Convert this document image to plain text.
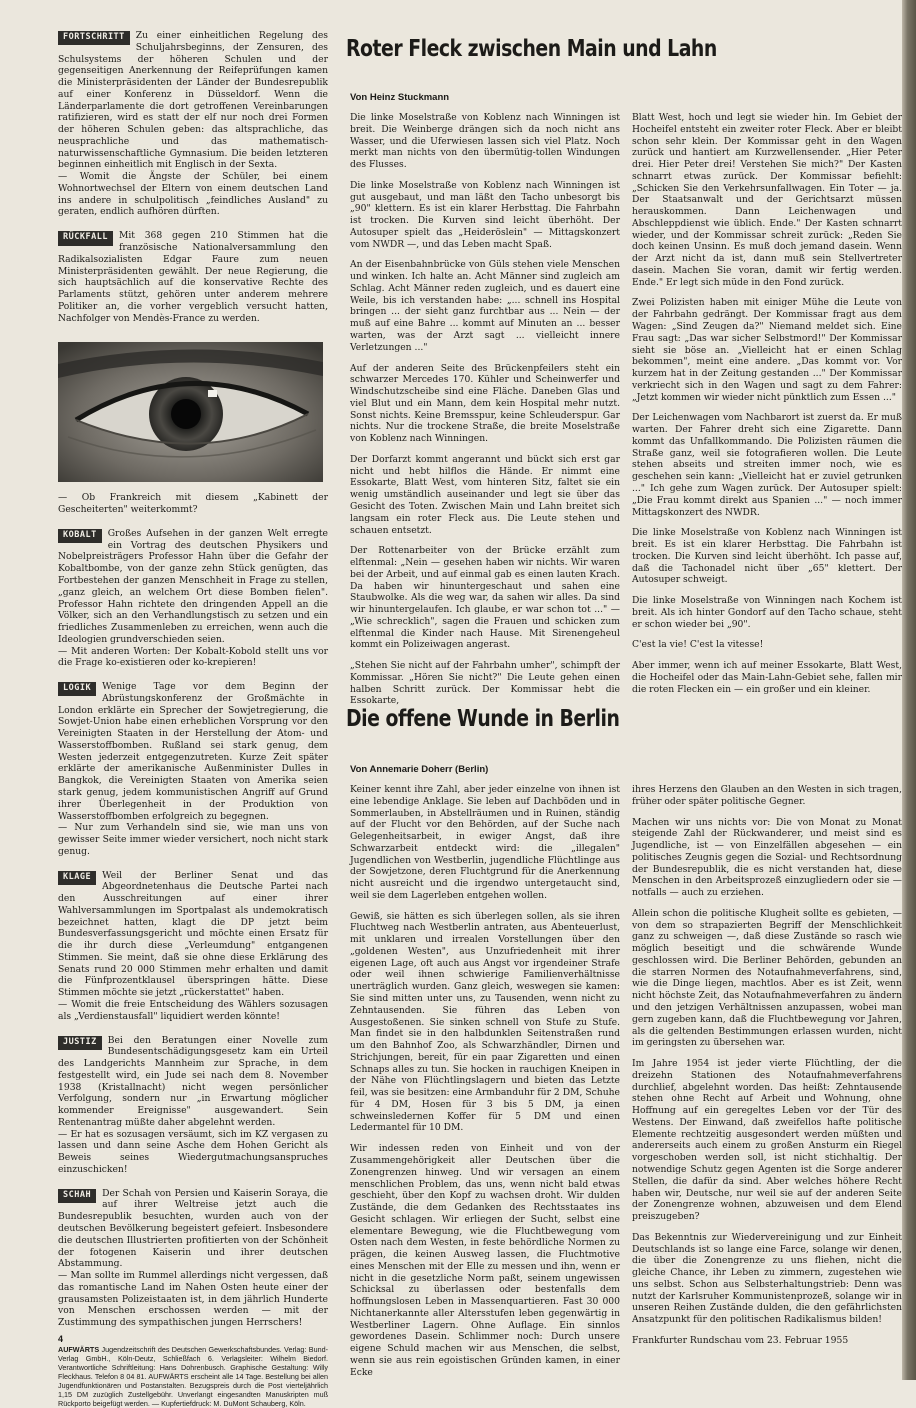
FORTSCHRITT	Zu einer einheitlichen Regelung des Schuljahrsbeginns, der Zensuren, des Schulsystems der höheren Schulen und der gegenseitigen Anerkennung der Reifeprüfungen kamen die Ministerpräsidenten der Länder der Bundesrepublik auf einer Konferenz in Düsseldorf. Wenn die Länderparlamente die dort getroffenen Vereinbarungen ratifizieren, wird es statt der elf nur noch drei Formen der höheren Schulen geben: das altsprachliche, das neusprachliche und das mathematisch-naturwissenschaftliche Gymnasium. Die beiden letzteren beginnen einheitlich mit Englisch in der Sexta.

— Womit die Ängste der Schüler, bei einem Wohnortwechsel der Eltern von einem deutschen Land ins andere in schulpolitisch „feindliches Ausland" zu geraten, endlich aufhören dürften.

RÜCKFALL	Mit 368 gegen 210 Stimmen hat die französische Nationalversammlung den Radikalsozialisten Edgar Faure zum neuen Ministerpräsidenten gewählt. Der neue Regierung, die sich hauptsächlich auf die konservative Rechte des Parlaments stützt, gehören unter anderem mehrere Politiker an, die vorher vergeblich versucht hatten, Nachfolger von Mendès-France zu werden.

— Ob Frankreich mit diesem „Kabinett der Gescheiterten" weiterkommt?

KOBALT	Großes Aufsehen in der ganzen Welt erregte ein Vortrag des deutschen Physikers und Nobelpreisträgers Professor Hahn über die Gefahr der Kobaltbombe, von der ganze zehn Stück genügten, das Fortbestehen der ganzen Menschheit in Frage zu stellen, „ganz gleich, an welchem Ort diese Bomben fielen". Professor Hahn richtete den dringenden Appell an die Völker, sich an den Verhandlungstisch zu setzen und ein friedliches Zusammenleben zu erreichen, wenn auch die Ideologien grundverschieden seien.

— Mit anderen Worten: Der Kobalt-Kobold stellt uns vor die Frage ko-existieren oder ko-krepieren!

LOGIK	Wenige Tage vor dem Beginn der Abrüstungskonferenz der Großmächte in London erklärte ein Sprecher der Sowjetregierung, die Sowjet-Union habe einen erheblichen Vorsprung vor den Vereinigten Staaten in der Herstellung der Atom- und Wasserstoffbomben. Rußland sei stark genug, dem Westen jederzeit entgegenzutreten. Kurze Zeit später erklärte der amerikanische Außenminister Dulles in Bangkok, die Vereinigten Staaten von Amerika seien stark genug, jedem kommunistischen Angriff auf Grund ihrer Überlegenheit in der Produktion von Wasserstoffbomben erfolgreich zu begegnen.

— Nur zum Verhandeln sind sie, wie man uns von gewisser Seite immer wieder versichert, noch nicht stark genug.

KLAGE	Weil der Berliner Senat und das Abgeordnetenhaus die Deutsche Partei nach den Ausschreitungen auf einer ihrer Wahlversammlungen im Sportpalast als undemokratisch bezeichnet hatten, klagt die DP jetzt beim Bundesverfassungsgericht und möchte einen Ersatz für die ihr durch diese „Verleumdung" entgangenen Stimmen. Sie meint, daß sie ohne diese Erklärung des Senats rund 20 000 Stimmen mehr erhalten und damit die Fünfprozentklausel überspringen hätte. Diese Stimmen möchte sie jetzt „rückerstattet" haben.

— Womit die freie Entscheidung des Wählers sozusagen als „Verdienstausfall" liquidiert werden könnte!

JUSTIZ	Bei den Beratungen einer Novelle zum Bundesentschädigungsgesetz kam ein Urteil des Landgerichts Mannheim zur Sprache, in dem festgestellt wird, ein Jude sei nach dem 8. November 1938 (Kristallnacht) nicht wegen persönlicher Verfolgung, sondern nur „in Erwartung möglicher kommender Ereignisse" ausgewandert. Sein Rentenantrag müßte daher abgelehnt werden.

— Er hat es sozusagen versäumt, sich im KZ vergasen zu lassen und dann seine Asche dem Hohen Gericht als Beweis seines Wiedergutmachungsanspruches einzuschicken!

SCHAH	Der Schah von Persien und Kaiserin Soraya, die auf ihrer Weltreise jetzt auch die Bundesrepublik besuchten, wurden auch von der deutschen Bevölkerung begeistert gefeiert. Insbesondere die deutschen Illustrierten profitierten von der Schönheit der fotogenen Kaiserin und ihrer deutschen Abstammung.

— Man sollte im Rummel allerdings nicht vergessen, daß das romantische Land im Nahen Osten heute einer der grausamsten Polizeistaaten ist, in dem jährlich Hunderte von Menschen erschossen werden — mit der Zustimmung des sympathischen jungen Herrschers!

AUFWÄRTS Jugendzeitschrift des Deutschen Gewerkschaftsbundes. Verlag: Bund-Verlag GmbH., Köln-Deutz, Schließfach 6. Verlagsleiter: Wilhelm Biedorf. Verantwortliche Schriftleitung: Hans Dohrenbusch. Graphische Gestaltung: Willy Fleckhaus. Telefon 8 04 81. AUFWÄRTS erscheint alle 14 Tage. Bestellung bei allen Jugendfunktionären und Postanstalten. Bezugspreis durch die Post vierteljährlich 1,15 DM zuzüglich Zustellgebühr. Unverlangt eingesandten Manuskripten muß Rückporto beigefügt werden. — Kupfertiefdruck: M. DuMont Schauberg, Köln.
4
Roter Fleck zwischen Main und Lahn
Von Heinz Stuckmann

Die linke Moselstraße von Koblenz nach Winningen ist breit. Die Weinberge drängen sich da noch nicht ans Wasser, und die Uferwiesen lassen sich viel Platz. Noch merkt man nichts von den übermütig-tollen Windungen des Flusses.

Die linke Moselstraße von Koblenz nach Winningen ist gut ausgebaut, und man läßt den Tacho unbesorgt bis „90" klettern. Es ist ein klarer Herbsttag. Die Fahrbahn ist trocken. Die Kurven sind leicht überhöht. Der Autosuper spielt das „Heideröslein" — Mittagskonzert vom NWDR —, und das Leben macht Spaß.

An der Eisenbahnbrücke von Güls stehen viele Menschen und winken. Ich halte an. Acht Männer sind zugleich am Schlag. Acht Männer reden zugleich, und es dauert eine Weile, bis ich verstanden habe: „... schnell ins Hospital bringen ... der sieht ganz furchtbar aus ... Nein — der muß auf eine Bahre ... kommt auf Minuten an ... besser warten, was der Arzt sagt ... vielleicht innere Verletzungen ..."

Auf der anderen Seite des Brückenpfeilers steht ein schwarzer Mercedes 170. Kühler und Scheinwerfer und Windschutzscheibe sind eine Fläche. Daneben Glas und viel Blut und ein Mann, dem kein Hospital mehr nutzt. Sonst nichts. Keine Bremsspur, keine Schleuderspur. Gar nichts. Nur die trockene Straße, die breite Moselstraße von Koblenz nach Winningen.

Der Dorfarzt kommt angerannt und bückt sich erst gar nicht und hebt hilflos die Hände. Er nimmt eine Essokarte, Blatt West, vom hinteren Sitz, faltet sie ein wenig umständlich auseinander und legt sie über das Gesicht des Toten. Zwischen Main und Lahn breitet sich langsam ein roter Fleck aus. Die Leute stehen und schauen entsetzt.

Der Rottenarbeiter von der Brücke erzählt zum elftenmal: „Nein — gesehen haben wir nichts. Wir waren bei der Arbeit, und auf einmal gab es einen lauten Krach. Da haben wir hinuntergeschaut und sahen eine Staubwolke. Als die weg war, da sahen wir alles. Da sind wir hinuntergelaufen. Ich glaube, er war schon tot ..." — „Wie schrecklich", sagen die Frauen und schicken zum elftenmal die Kinder nach Hause. Mit Sirenengeheul kommt ein Polizeiwagen angerast.

„Stehen Sie nicht auf der Fahrbahn umher", schimpft der Kommissar. „Hören Sie nicht?" Die Leute gehen einen halben Schritt zurück. Der Kommissar hebt die Essokarte,

Blatt West, hoch und legt sie wieder hin. Im Gebiet der Hocheifel entsteht ein zweiter roter Fleck. Aber er bleibt schon sehr klein. Der Kommissar geht in den Wagen zurück und hantiert am Kurzwellensender. „Hier Peter drei. Hier Peter drei! Verstehen Sie mich?" Der Kasten schnarrt etwas zurück. Der Kommissar befiehlt: „Schicken Sie den Verkehrsunfallwagen. Ein Toter — ja. Der Staatsanwalt und der Gerichtsarzt müssen herauskommen. Dann Leichenwagen und Abschleppdienst wie üblich. Ende." Der Kasten schnarrt wieder, und der Kommissar schreit zurück: „Reden Sie doch keinen Unsinn. Es muß doch jemand dasein. Wenn der Arzt nicht da ist, dann muß sein Stellvertreter dasein. Machen Sie voran, damit wir fertig werden. Ende." Er legt sich müde in den Fond zurück.

Zwei Polizisten haben mit einiger Mühe die Leute von der Fahrbahn gedrängt. Der Kommissar fragt aus dem Wagen: „Sind Zeugen da?" Niemand meldet sich. Eine Frau sagt: „Das war sicher Selbstmord!" Der Kommissar sieht sie böse an. „Vielleicht hat er einen Schlag bekommen", meint eine andere. „Das kommt vor. Vor kurzem hat in der Zeitung gestanden ..." Der Kommissar verkriecht sich in den Wagen und sagt zu dem Fahrer: „Jetzt kommen wir wieder nicht pünktlich zum Essen ..."

Der Leichenwagen vom Nachbarort ist zuerst da. Er muß warten. Der Fahrer dreht sich eine Zigarette. Dann kommt das Unfallkommando. Die Polizisten räumen die Straße ganz, weil sie fotografieren wollen. Die Leute stehen abseits und streiten immer noch, wie es geschehen sein kann: „Vielleicht hat er zuviel getrunken ..." Ich gehe zum Wagen zurück. Der Autosuper spielt: „Die Frau kommt direkt aus Spanien ..." — noch immer Mittagskonzert des NWDR.

Die linke Moselstraße von Koblenz nach Winningen ist breit. Es ist ein klarer Herbsttag. Die Fahrbahn ist trocken. Die Kurven sind leicht überhöht. Ich passe auf, daß die Tachonadel nicht über „65" klettert. Der Autosuper schweigt.

Die linke Moselstraße von Winningen nach Kochem ist breit. Als ich hinter Gondorf auf den Tacho schaue, steht er schon wieder bei „90".

C'est la vie! C'est la vitesse!

Aber immer, wenn ich auf meiner Essokarte, Blatt West, die Hocheifel oder das Main-Lahn-Gebiet sehe, fallen mir die roten Flecken ein — ein großer und ein kleiner.

Die offene Wunde in Berlin
Von Annemarie Doherr (Berlin)

Keiner kennt ihre Zahl, aber jeder einzelne von ihnen ist eine lebendige Anklage. Sie leben auf Dachböden und in Sommerlauben, in Abstellräumen und in Ruinen, ständig auf der Flucht vor den Behörden, auf der Suche nach Gelegenheitsarbeit, in ewiger Angst, daß ihre Schwarzarbeit entdeckt wird: die „illegalen" Jugendlichen von Westberlin, jugendliche Flüchtlinge aus der Sowjetzone, deren Fluchtgrund für die Anerkennung nicht ausreicht und die irgendwo untergetaucht sind, weil sie dem Lagerleben entgehen wollen.

Gewiß, sie hätten es sich überlegen sollen, als sie ihren Fluchtweg nach Westberlin antraten, aus Abenteuerlust, mit unklaren und irrealen Vorstellungen über den „goldenen Westen", aus Unzufriedenheit mit ihrer eigenen Lage, oft auch aus Angst vor irgendeiner Strafe oder weil ihnen schwierige Familienverhältnisse unerträglich wurden. Ganz gleich, weswegen sie kamen: Sie sind mitten unter uns, zu Tausenden, wenn nicht zu Zehntausenden. Sie führen das Leben von Ausgestoßenen. Sie sinken schnell von Stufe zu Stufe. Man findet sie in den halbdunklen Seitenstraßen rund um den Bahnhof Zoo, als Schwarzhändler, Dirnen und Strichjungen, bereit, für ein paar Zigaretten und einen Schnaps alles zu tun. Sie hocken in rauchigen Kneipen in der Nähe von Flüchtlingslagern und bieten das Letzte feil, was sie besitzen: eine Armbanduhr für 2 DM, Schuhe für 4 DM, Hosen für 3 bis 5 DM, ja einen schweinsledernen Koffer für 5 DM und einen Ledermantel für 10 DM.

Wir indessen reden von Einheit und von der Zusammengehörigkeit aller Deutschen über die Zonengrenzen hinweg. Und wir versagen an einem menschlichen Problem, das uns, wenn nicht bald etwas geschieht, über den Kopf zu wachsen droht. Wir dulden Zustände, die dem Gedanken des Rechtsstaates ins Gesicht schlagen. Wir erliegen der Sucht, selbst eine elementare Bewegung, wie die Fluchtbewegung vom Osten nach dem Westen, in feste behördliche Normen zu prägen, die keinen Ausweg lassen, die Fluchtmotive eines Menschen mit der Elle zu messen und ihn, wenn er nicht in die gesetzliche Norm paßt, seinem ungewissen Schicksal zu überlassen oder bestenfalls dem hoffnungslosen Leben in Massenquartieren. Fast 30 000 Nichtanerkannte aller Altersstufen leben gegenwärtig in Westberliner Lagern. Ohne Auflage. Ein sinnlos gewordenes Dasein. Schlimmer noch: Durch unsere eigene Schuld machen wir aus Menschen, die selbst, wenn sie aus rein egoistischen Gründen kamen, in einer Ecke

ihres Herzens den Glauben an den Westen in sich tragen, früher oder später politische Gegner.

Machen wir uns nichts vor: Die von Monat zu Monat steigende Zahl der Rückwanderer, und meist sind es Jugendliche, ist — von Einzelfällen abgesehen — ein politisches Zeugnis gegen die Sozial- und Rechtsordnung der Bundesrepublik, die es nicht verstanden hat, diese Menschen in den Arbeitsprozeß einzugliedern oder sie — notfalls — auch zu erziehen.

Allein schon die politische Klugheit sollte es gebieten, — von dem so strapazierten Begriff der Menschlichkeit ganz zu schweigen —, daß diese Zustände so rasch wie möglich beseitigt und die schwärende Wunde geschlossen wird. Die Berliner Behörden, gebunden an die starren Normen des Notaufnahmeverfahrens, sind, wie die Dinge liegen, machtlos. Aber es ist Zeit, wenn nicht höchste Zeit, das Notaufnahmeverfahren zu ändern und den jetzigen Verhältnissen anzupassen, wobei man gern zugeben kann, daß die Fluchtbewegung vor Jahren, als die geltenden Bestimmungen erlassen wurden, nicht im geringsten zu übersehen war.

Im Jahre 1954 ist jeder vierte Flüchtling, der die dreizehn Stationen des Notaufnahmeverfahrens durchlief, abgelehnt worden. Das heißt: Zehntausende stehen ohne Recht auf Arbeit und Wohnung, ohne Hoffnung auf ein geregeltes Leben vor der Tür des Westens. Der Einwand, daß zweifellos hafte politische Elemente rechtzeitig ausgesondert werden müßten und andererseits auch einem zu großen Ansturm ein Riegel vorgeschoben werden soll, ist nicht stichhaltig. Der notwendige Schutz gegen Agenten ist die Sorge anderer Stellen, die dafür da sind. Aber welches höhere Recht haben wir, Deutsche, nur weil sie auf der anderen Seite der Zonengrenze wohnen, abzuweisen und dem Elend preiszugeben?

Das Bekenntnis zur Wiedervereinigung und zur Einheit Deutschlands ist so lange eine Farce, solange wir denen, die über die Zonengrenze zu uns fliehen, nicht die gleiche Chance, ihr Leben zu zimmern, zugestehen wie uns selbst. Schon aus Selbsterhaltungstrieb: Denn was nutzt der Karlsruher Kommunistenprozeß, solange wir in unseren Reihen Zustände dulden, die den gefährlichsten Ansatzpunkt für den politischen Radikalismus bilden!

Frankfurter Rundschau vom 23. Februar 1955
